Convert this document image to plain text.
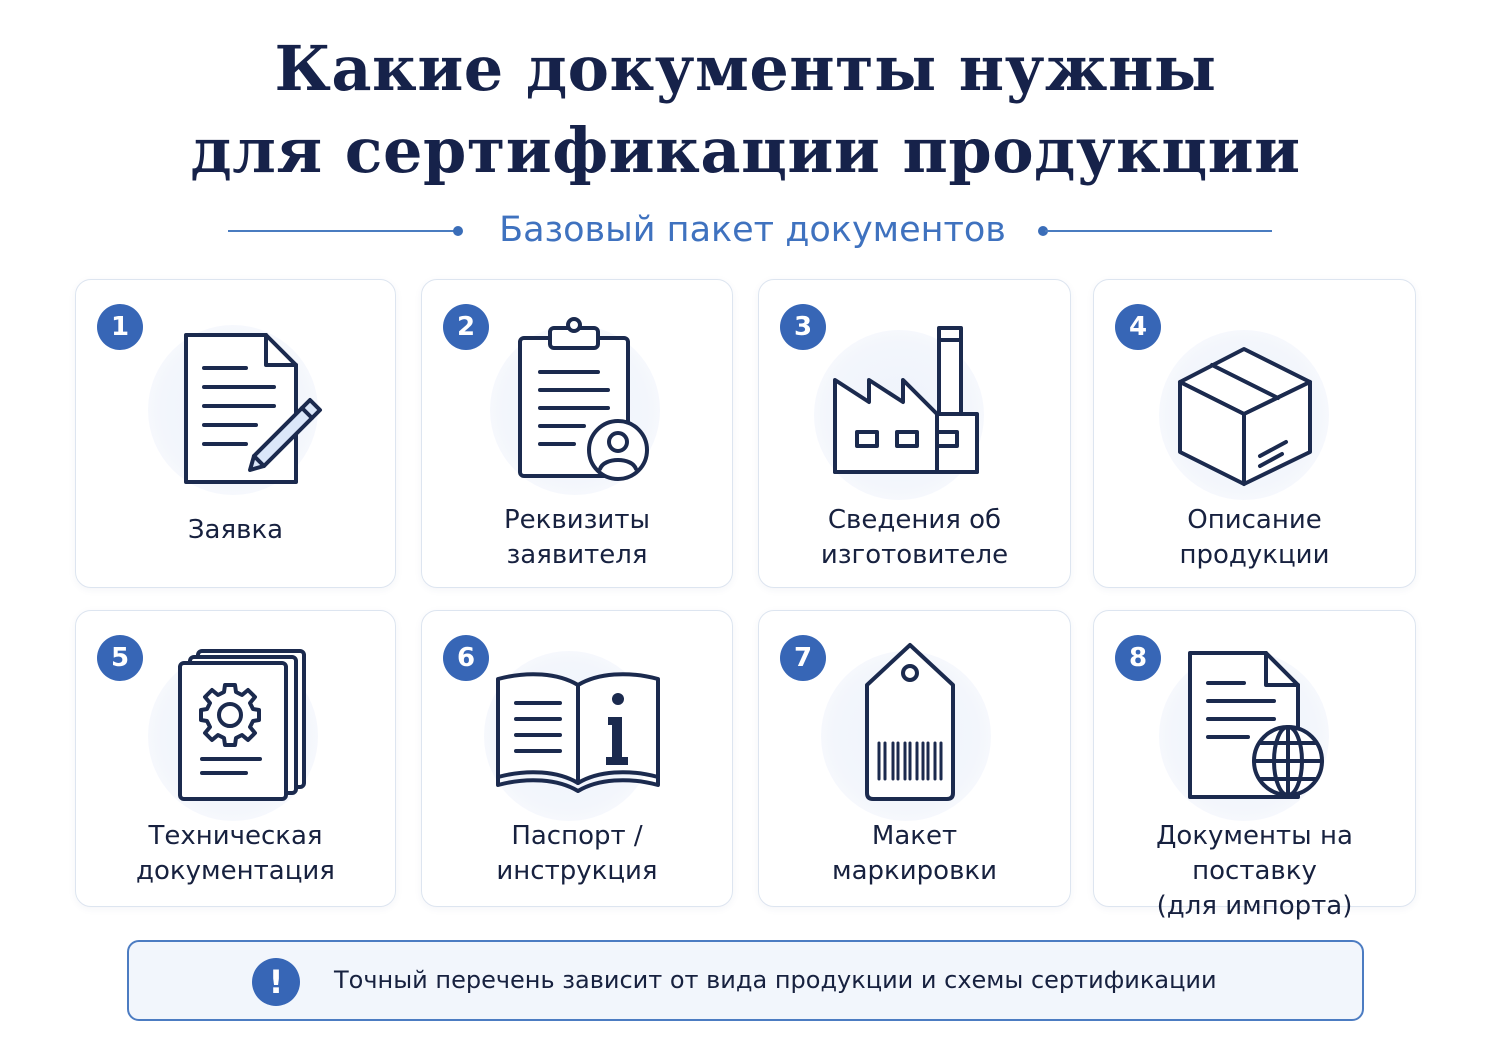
Какие документы нужны
для сертификации продукции
Базовый пакет документов
1
Заявка
2
Реквизиты
заявителя
3
Сведения об
изготовителе
4
Описание
продукции
5
Техническая
документация
6
Паспорт /
инструкция
7
Макет
маркировки
8
Документы на поставку
(для импорта)
!	Точный перечень зависит от вида продукции и схемы сертификации
